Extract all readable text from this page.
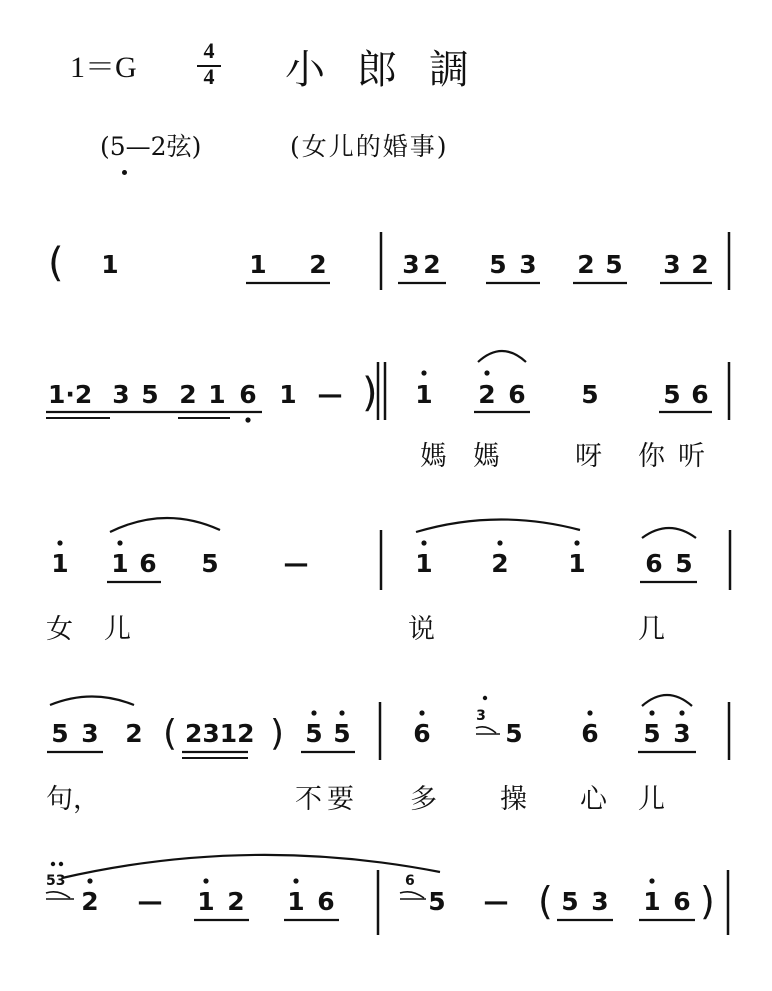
1＝G
4
4 小郎調
(5—2弦)	(女儿的婚事)
( 1	1 2	3 2 5 3 2 5 3 2
1·2 3 5 2 1 6 1 — ) 1 2 6 5	5 6
媽 媽	呀 你 听
1 1 6 5	—	1 2 1 6 5
女 儿	说	几
5 3 2 ( 2312 ) 5 5	6
3
5 6 5 3
句，	不 要 多 操 心 儿
53
2 — 1 2 1 6
6
5 — ( 5 3 1 6 )
